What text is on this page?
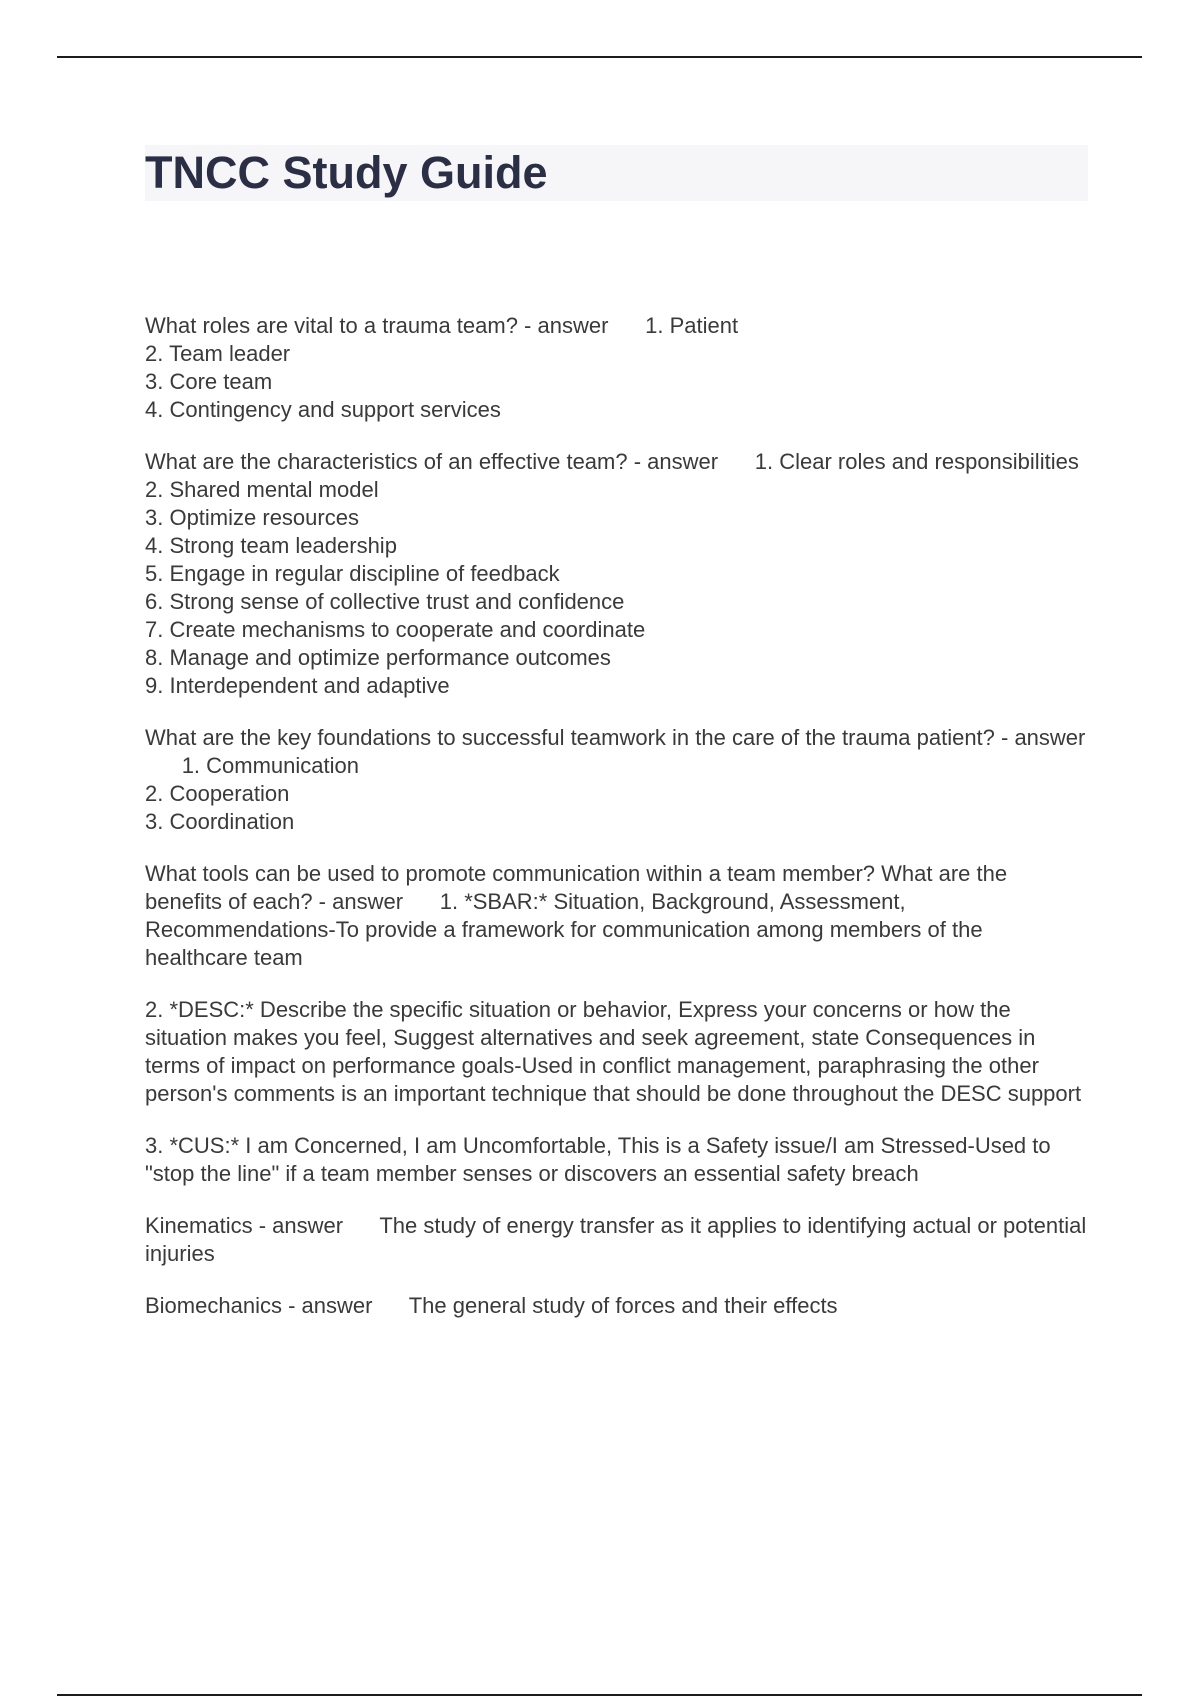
TNCC Study Guide
What roles are vital to a trauma team? - answer 1. Patient
2. Team leader
3. Core team
4. Contingency and support services
What are the characteristics of an effective team? - answer 1. Clear roles and responsibilities
2. Shared mental model
3. Optimize resources
4. Strong team leadership
5. Engage in regular discipline of feedback
6. Strong sense of collective trust and confidence
7. Create mechanisms to cooperate and coordinate
8. Manage and optimize performance outcomes
9. Interdependent and adaptive
What are the key foundations to successful teamwork in the care of the trauma patient? - answer      1. Communication
2. Cooperation
3. Coordination
What tools can be used to promote communication within a team member? What are the benefits of each? - answer 1. *SBAR:* Situation, Background, Assessment, Recommendations-To provide a framework for communication among members of the healthcare team

2. *DESC:* Describe the specific situation or behavior, Express your concerns or how the situation makes you feel, Suggest alternatives and seek agreement, state Consequences in terms of impact on performance goals-Used in conflict management, paraphrasing the other person's comments is an important technique that should be done throughout the DESC support

3. *CUS:* I am Concerned, I am Uncomfortable, This is a Safety issue/I am Stressed-Used to "stop the line" if a team member senses or discovers an essential safety breach

Kinematics - answer The study of energy transfer as it applies to identifying actual or potential injuries
Biomechanics - answer The general study of forces and their effects
